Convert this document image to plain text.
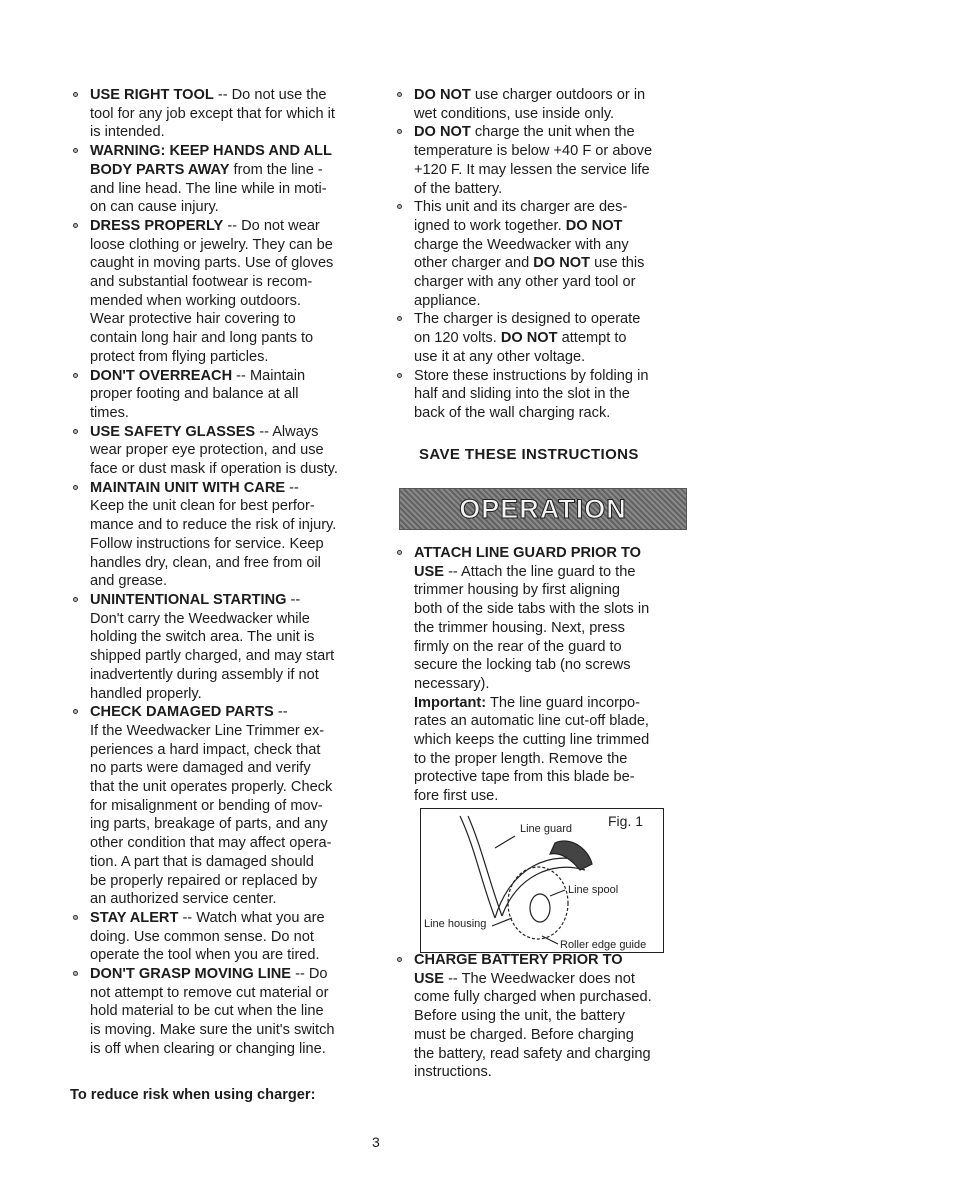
USE RIGHT TOOL -- Do not use the
tool for any job except that for which it
is intended.
WARNING: KEEP HANDS AND ALL
BODY PARTS AWAY from the line -
and line head. The line while in moti-
on can cause injury.
DRESS PROPERLY -- Do not wear
loose clothing or jewelry. They can be
caught in moving parts. Use of gloves
and substantial footwear is recom-
mended when working outdoors.
Wear protective hair covering to
contain long hair and long pants to
protect from flying particles.
DON'T OVERREACH -- Maintain
proper footing and balance at all
times.
USE SAFETY GLASSES -- Always
wear proper eye protection, and use
face or dust mask if operation is dusty.
MAINTAIN UNIT WITH CARE --
Keep the unit clean for best perfor-
mance and to reduce the risk of injury.
Follow instructions for service. Keep
handles dry, clean, and free from oil
and grease.
UNINTENTIONAL STARTING --
Don't carry the Weedwacker while
holding the switch area. The unit is
shipped partly charged, and may start
inadvertently during assembly if not
handled properly.
CHECK DAMAGED PARTS --
If the Weedwacker Line Trimmer ex-
periences a hard impact, check that
no parts were damaged and verify
that the unit operates properly. Check
for misalignment or bending of mov-
ing parts, breakage of parts, and any
other condition that may affect opera-
tion. A part that is damaged should
be properly repaired or replaced by
an authorized service center.
STAY ALERT -- Watch what you are
doing. Use common sense. Do not
operate the tool when you are tired.
DON'T GRASP MOVING LINE -- Do
not attempt to remove cut material or
hold material to be cut when the line
is moving. Make sure the unit's switch
is off when clearing or changing line.
To reduce risk when using charger:
DO NOT use charger outdoors or in
wet conditions, use inside only.
DO NOT charge the unit when the
temperature is below +40 F or above
+120 F. It may lessen the service life
of the battery.
This unit and its charger are des-
igned to work together. DO NOT
charge the Weedwacker with any
other charger and DO NOT use this
charger with any other yard tool or
appliance.
The charger is designed to operate
on 120 volts. DO NOT attempt to
use it at any other voltage.
Store these instructions by folding in
half and sliding into the slot in the
back of the wall charging rack.
SAVE THESE INSTRUCTIONS
OPERATION
ATTACH LINE GUARD PRIOR TO
USE -- Attach the line guard to the
trimmer housing by first aligning
both of the side tabs with the slots in
the trimmer housing. Next, press
firmly on the rear of the guard to
secure the locking tab (no screws
necessary).
Important: The line guard incorpo-
rates an automatic line cut-off blade,
which keeps the cutting line trimmed
to the proper length. Remove the
protective tape from this blade be-
fore first use.
Fig. 1
Line guard
Line spool
Line housing
Roller edge guide
CHARGE BATTERY PRIOR TO
USE -- The Weedwacker does not
come fully charged when purchased.
Before using the unit, the battery
must be charged. Before charging
the battery, read safety and charging
instructions.
3
